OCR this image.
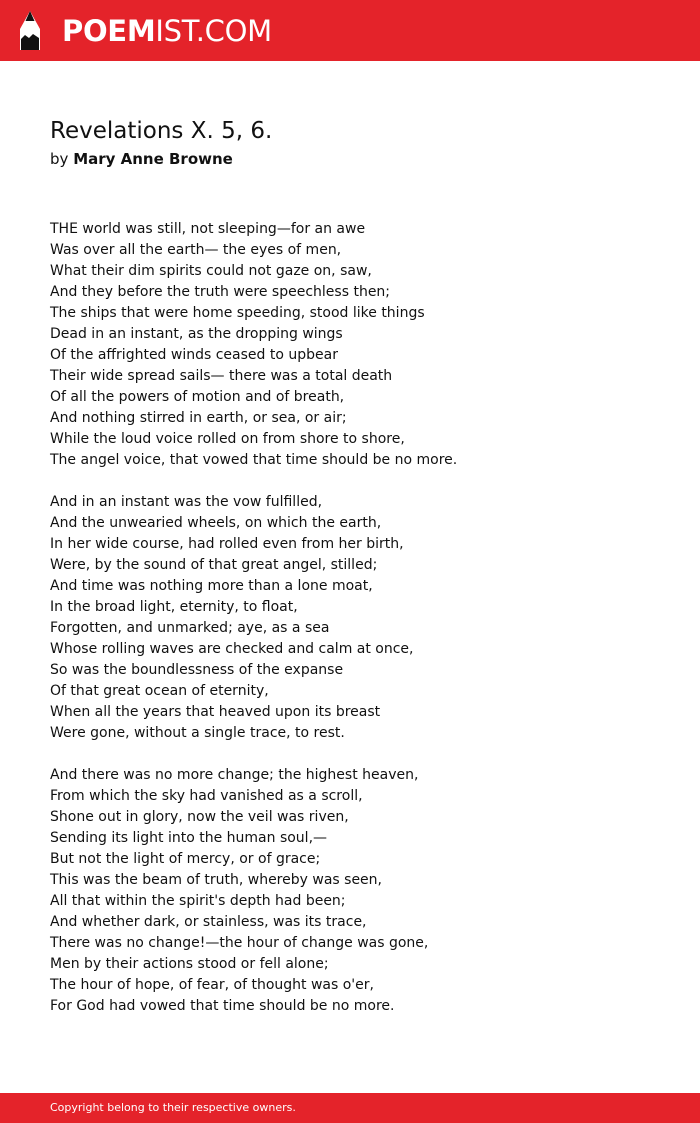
POEMIST.COM
Revelations X. 5, 6.
by Mary Anne Browne
THE world was still, not sleeping—for an awe
Was over all the earth— the eyes of men,
What their dim spirits could not gaze on, saw,
And they before the truth were speechless then;
The ships that were home speeding, stood like things
Dead in an instant, as the dropping wings
Of the affrighted winds ceased to upbear
Their wide spread sails— there was a total death
Of all the powers of motion and of breath,
And nothing stirred in earth, or sea, or air;
While the loud voice rolled on from shore to shore,
The angel voice, that vowed that time should be no more.
And in an instant was the vow fulfilled,
And the unwearied wheels, on which the earth,
In her wide course, had rolled even from her birth,
Were, by the sound of that great angel, stilled;
And time was nothing more than a lone moat,
In the broad light, eternity, to float,
Forgotten, and unmarked; aye, as a sea
Whose rolling waves are checked and calm at once,
So was the boundlessness of the expanse
Of that great ocean of eternity,
When all the years that heaved upon its breast
Were gone, without a single trace, to rest.
And there was no more change; the highest heaven,
From which the sky had vanished as a scroll,
Shone out in glory, now the veil was riven,
Sending its light into the human soul,—
But not the light of mercy, or of grace;
This was the beam of truth, whereby was seen,
All that within the spirit's depth had been;
And whether dark, or stainless, was its trace,
There was no change!—the hour of change was gone,
Men by their actions stood or fell alone;
The hour of hope, of fear, of thought was o'er,
For God had vowed that time should be no more.
Copyright belong to their respective owners.
